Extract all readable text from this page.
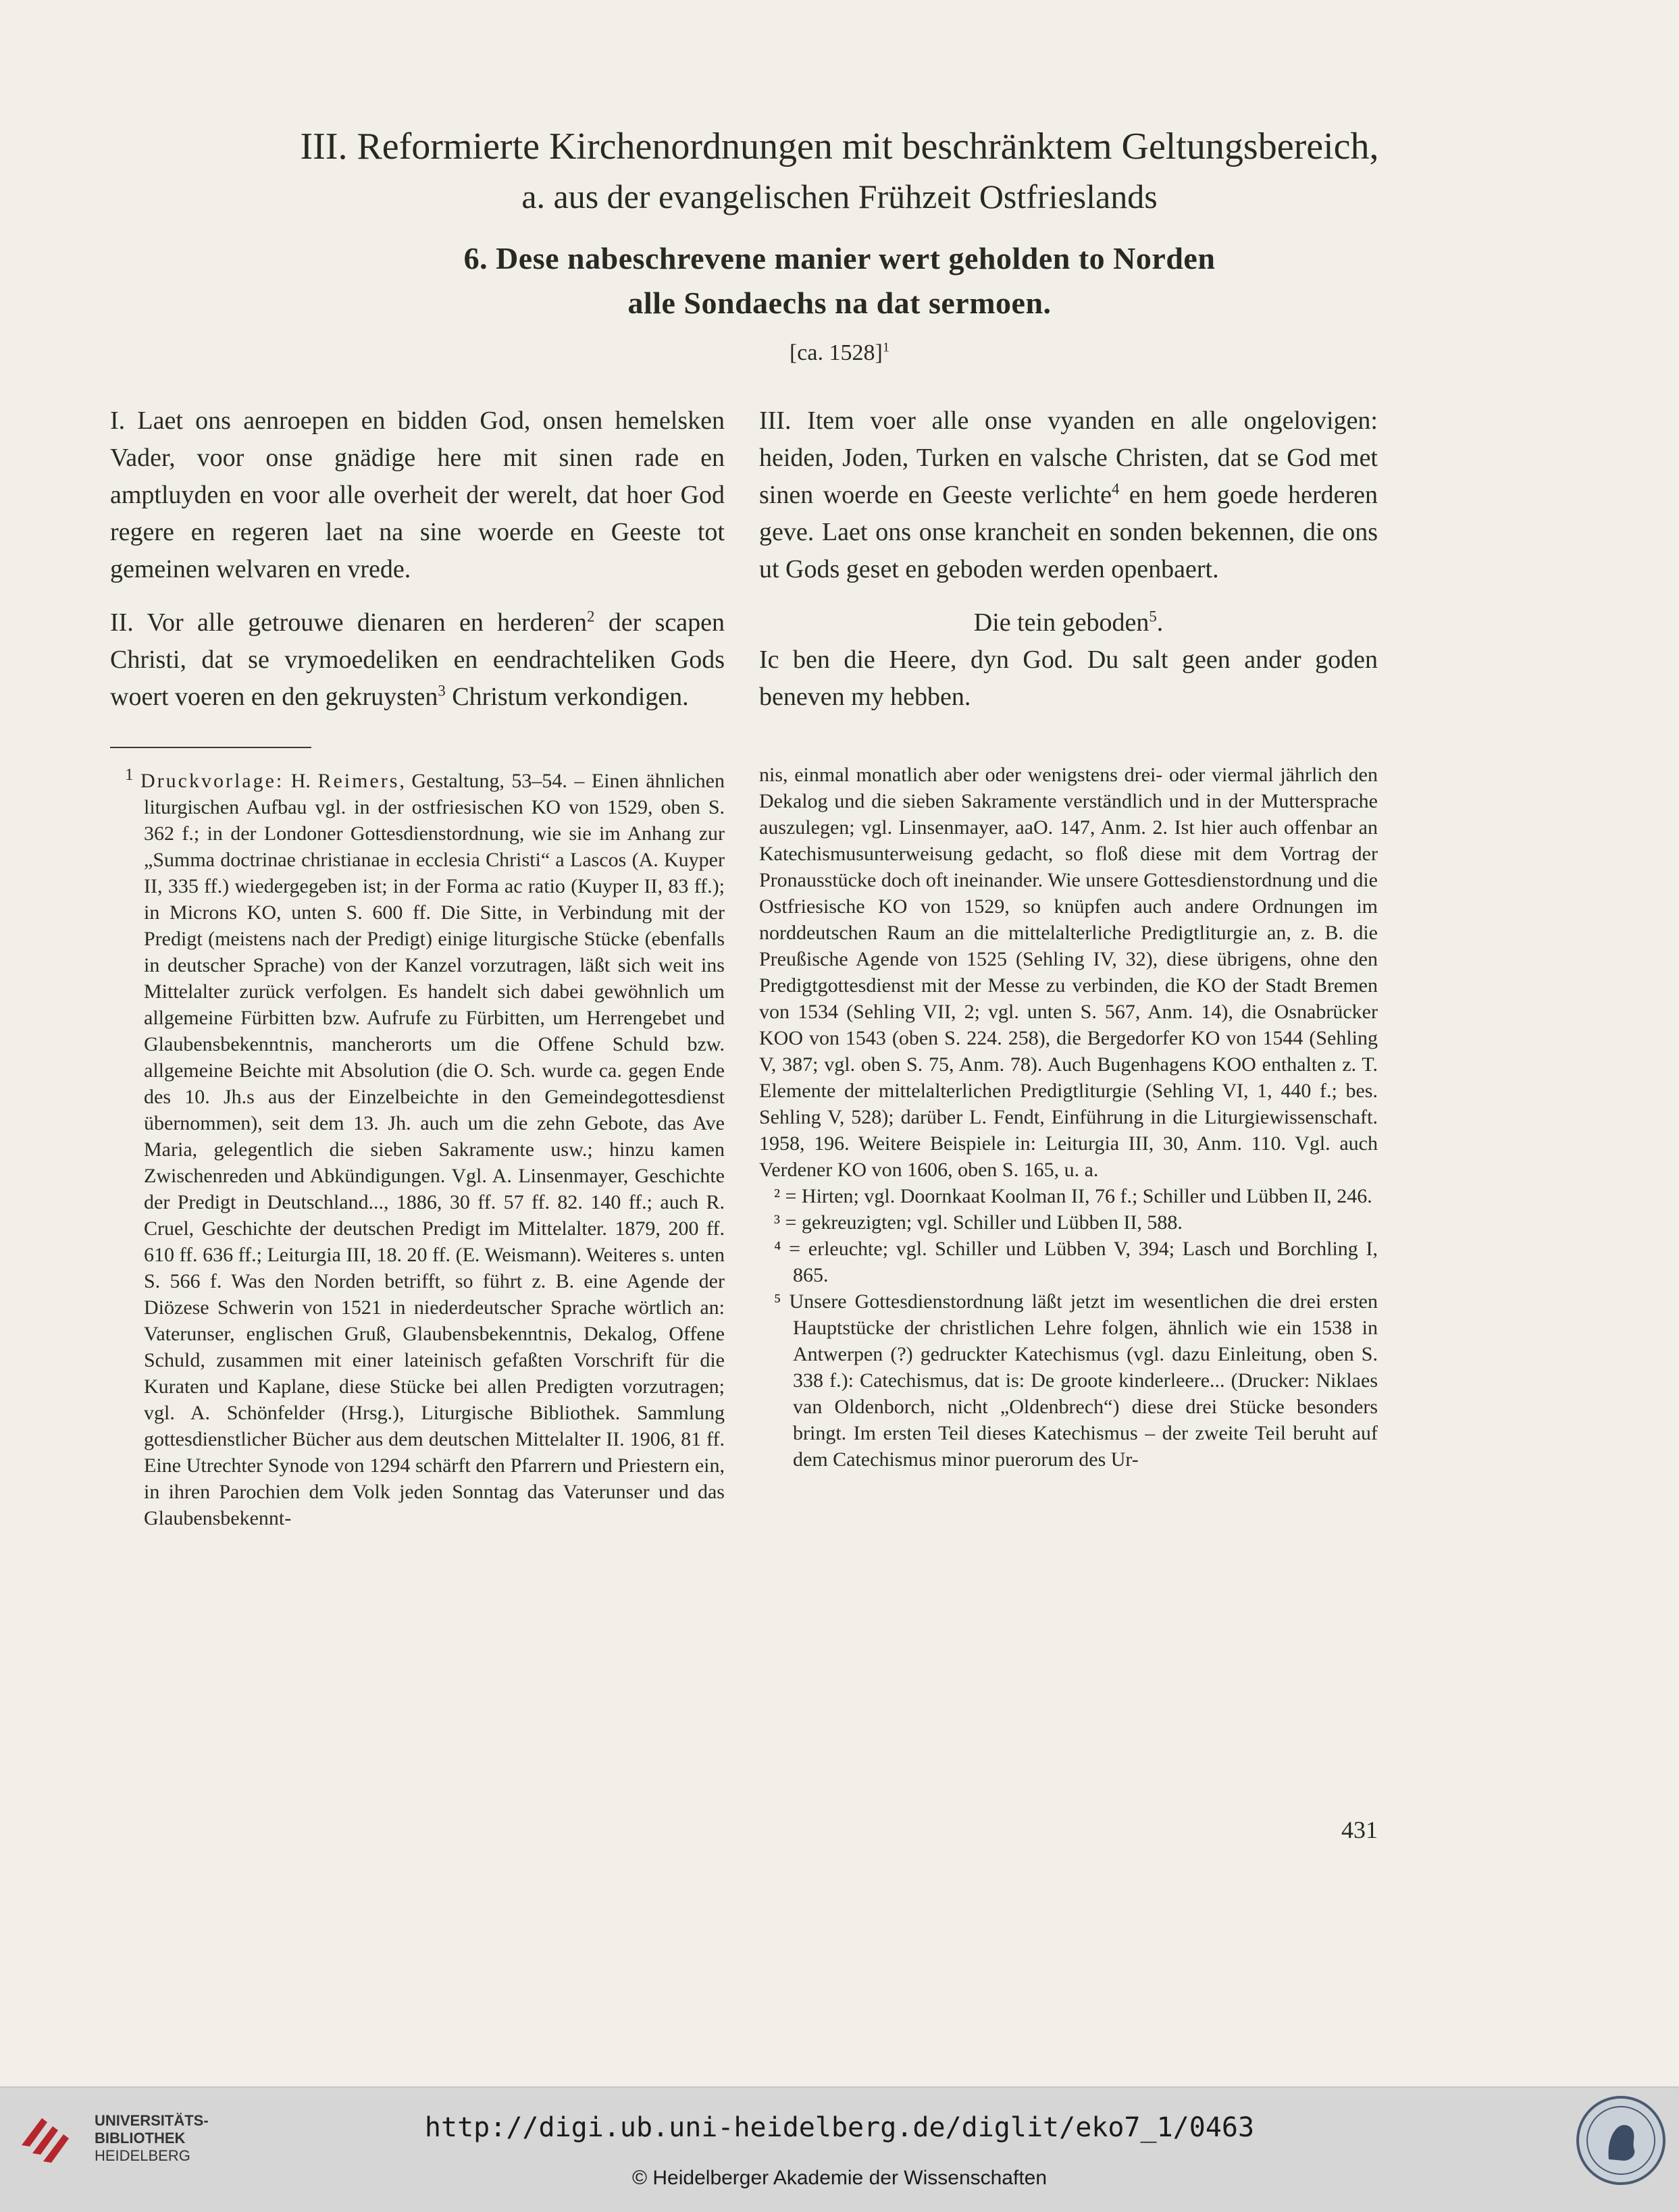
III. Reformierte Kirchenordnungen mit beschränktem Geltungsbereich,
a. aus der evangelischen Frühzeit Ostfrieslands
6. Dese nabeschrevene manier wert geholden to Norden
alle Sondaechs na dat sermoen.
[ca. 1528]$^1$

I. Laet ons aenroepen en bidden God, onsen hemelsken Vader, voor onse gnädige here mit sinen rade en amptluyden en voor alle overheit der werelt, dat hoer God regere en regeren laet na sine woerde en Geeste tot gemeinen welvaren en vrede.

II. Vor alle getrouwe dienaren en herderen$^2$ der scapen Christi, dat se vrymoedeliken en eendrachteliken Gods woert voeren en den gekruysten$^3$ Christum verkondigen.

III. Item voer alle onse vyanden en alle ongelovigen: heiden, Joden, Turken en valsche Christen, dat se God met sinen woerde en Geeste verlichte$^4$ en hem goede herderen geve. Laet ons onse krancheit en sonden bekennen, die ons ut Gods geset en geboden werden openbaert.

Die tein geboden$^5$.

Ic ben die Heere, dyn God. Du salt geen ander goden beneven my hebben.

$^1$ Druckvorlage: H. Reimers, Gestaltung, 53–54. – Einen ähnlichen liturgischen Aufbau vgl. in der ostfriesischen KO von 1529, oben S. 362 f.; in der Londoner Gottesdienstordnung, wie sie im Anhang zur „Summa doctrinae christianae in ecclesia Christi“ a Lascos (A. Kuyper II, 335 ff.) wiedergegeben ist; in der Forma ac ratio (Kuyper II, 83 ff.); in Microns KO, unten S. 600 ff. Die Sitte, in Verbindung mit der Predigt (meistens nach der Predigt) einige liturgische Stücke (ebenfalls in deutscher Sprache) von der Kanzel vorzutragen, läßt sich weit ins Mittelalter zurück verfolgen. Es handelt sich dabei gewöhnlich um allgemeine Fürbitten bzw. Aufrufe zu Fürbitten, um Herrengebet und Glaubensbekenntnis, mancherorts um die Offene Schuld bzw. allgemeine Beichte mit Absolution (die O. Sch. wurde ca. gegen Ende des 10. Jh.s aus der Einzelbeichte in den Gemeindegottesdienst übernommen), seit dem 13. Jh. auch um die zehn Gebote, das Ave Maria, gelegentlich die sieben Sakramente usw.; hinzu kamen Zwischenreden und Abkündigungen. Vgl. A. Linsenmayer, Geschichte der Predigt in Deutschland..., 1886, 30 ff. 57 ff. 82. 140 ff.; auch R. Cruel, Geschichte der deutschen Predigt im Mittelalter. 1879, 200 ff. 610 ff. 636 ff.; Leiturgia III, 18. 20 ff. (E. Weismann). Weiteres s. unten S. 566 f. Was den Norden betrifft, so führt z. B. eine Agende der Diözese Schwerin von 1521 in niederdeutscher Sprache wörtlich an: Vaterunser, englischen Gruß, Glaubensbekenntnis, Dekalog, Offene Schuld, zusammen mit einer lateinisch gefaßten Vorschrift für die Kuraten und Kaplane, diese Stücke bei allen Predigten vorzutragen; vgl. A. Schönfelder (Hrsg.), Liturgische Bibliothek. Sammlung gottesdienstlicher Bücher aus dem deutschen Mittelalter II. 1906, 81 ff. Eine Utrechter Synode von 1294 schärft den Pfarrern und Priestern ein, in ihren Parochien dem Volk jeden Sonntag das Vaterunser und das Glaubensbekennt-

nis, einmal monatlich aber oder wenigstens drei- oder viermal jährlich den Dekalog und die sieben Sakramente verständlich und in der Muttersprache auszulegen; vgl. Linsenmayer, aaO. 147, Anm. 2. Ist hier auch offenbar an Katechismusunterweisung gedacht, so floß diese mit dem Vortrag der Pronausstücke doch oft ineinander. Wie unsere Gottesdienstordnung und die Ostfriesische KO von 1529, so knüpfen auch andere Ordnungen im norddeutschen Raum an die mittelalterliche Predigtliturgie an, z. B. die Preußische Agende von 1525 (Sehling IV, 32), diese übrigens, ohne den Predigtgottesdienst mit der Messe zu verbinden, die KO der Stadt Bremen von 1534 (Sehling VII, 2; vgl. unten S. 567, Anm. 14), die Osnabrücker KOO von 1543 (oben S. 224. 258), die Bergedorfer KO von 1544 (Sehling V, 387; vgl. oben S. 75, Anm. 78). Auch Bugenhagens KOO enthalten z. T. Elemente der mittelalterlichen Predigtliturgie (Sehling VI, 1, 440 f.; bes. Sehling V, 528); darüber L. Fendt, Einführung in die Liturgiewissenschaft. 1958, 196. Weitere Beispiele in: Leiturgia III, 30, Anm. 110. Vgl. auch Verdener KO von 1606, oben S. 165, u. a.

² = Hirten; vgl. Doornkaat Koolman II, 76 f.; Schiller und Lübben II, 246.

³ = gekreuzigten; vgl. Schiller und Lübben II, 588.

⁴ = erleuchte; vgl. Schiller und Lübben V, 394; Lasch und Borchling I, 865.

⁵ Unsere Gottesdienstordnung läßt jetzt im wesentlichen die drei ersten Hauptstücke der christlichen Lehre folgen, ähnlich wie ein 1538 in Antwerpen (?) gedruckter Katechismus (vgl. dazu Einleitung, oben S. 338 f.): Catechismus, dat is: De groote kinderleere... (Drucker: Niklaes van Oldenborch, nicht „Oldenbrech“) diese drei Stücke besonders bringt. Im ersten Teil dieses Katechismus – der zweite Teil beruht auf dem Catechismus minor puerorum des Ur-

431
UNIVERSITÄTS-
BIBLIOTHEK
HEIDELBERG
http://digi.ub.uni-heidelberg.de/diglit/eko7_1/0463
© Heidelberger Akademie der Wissenschaften
